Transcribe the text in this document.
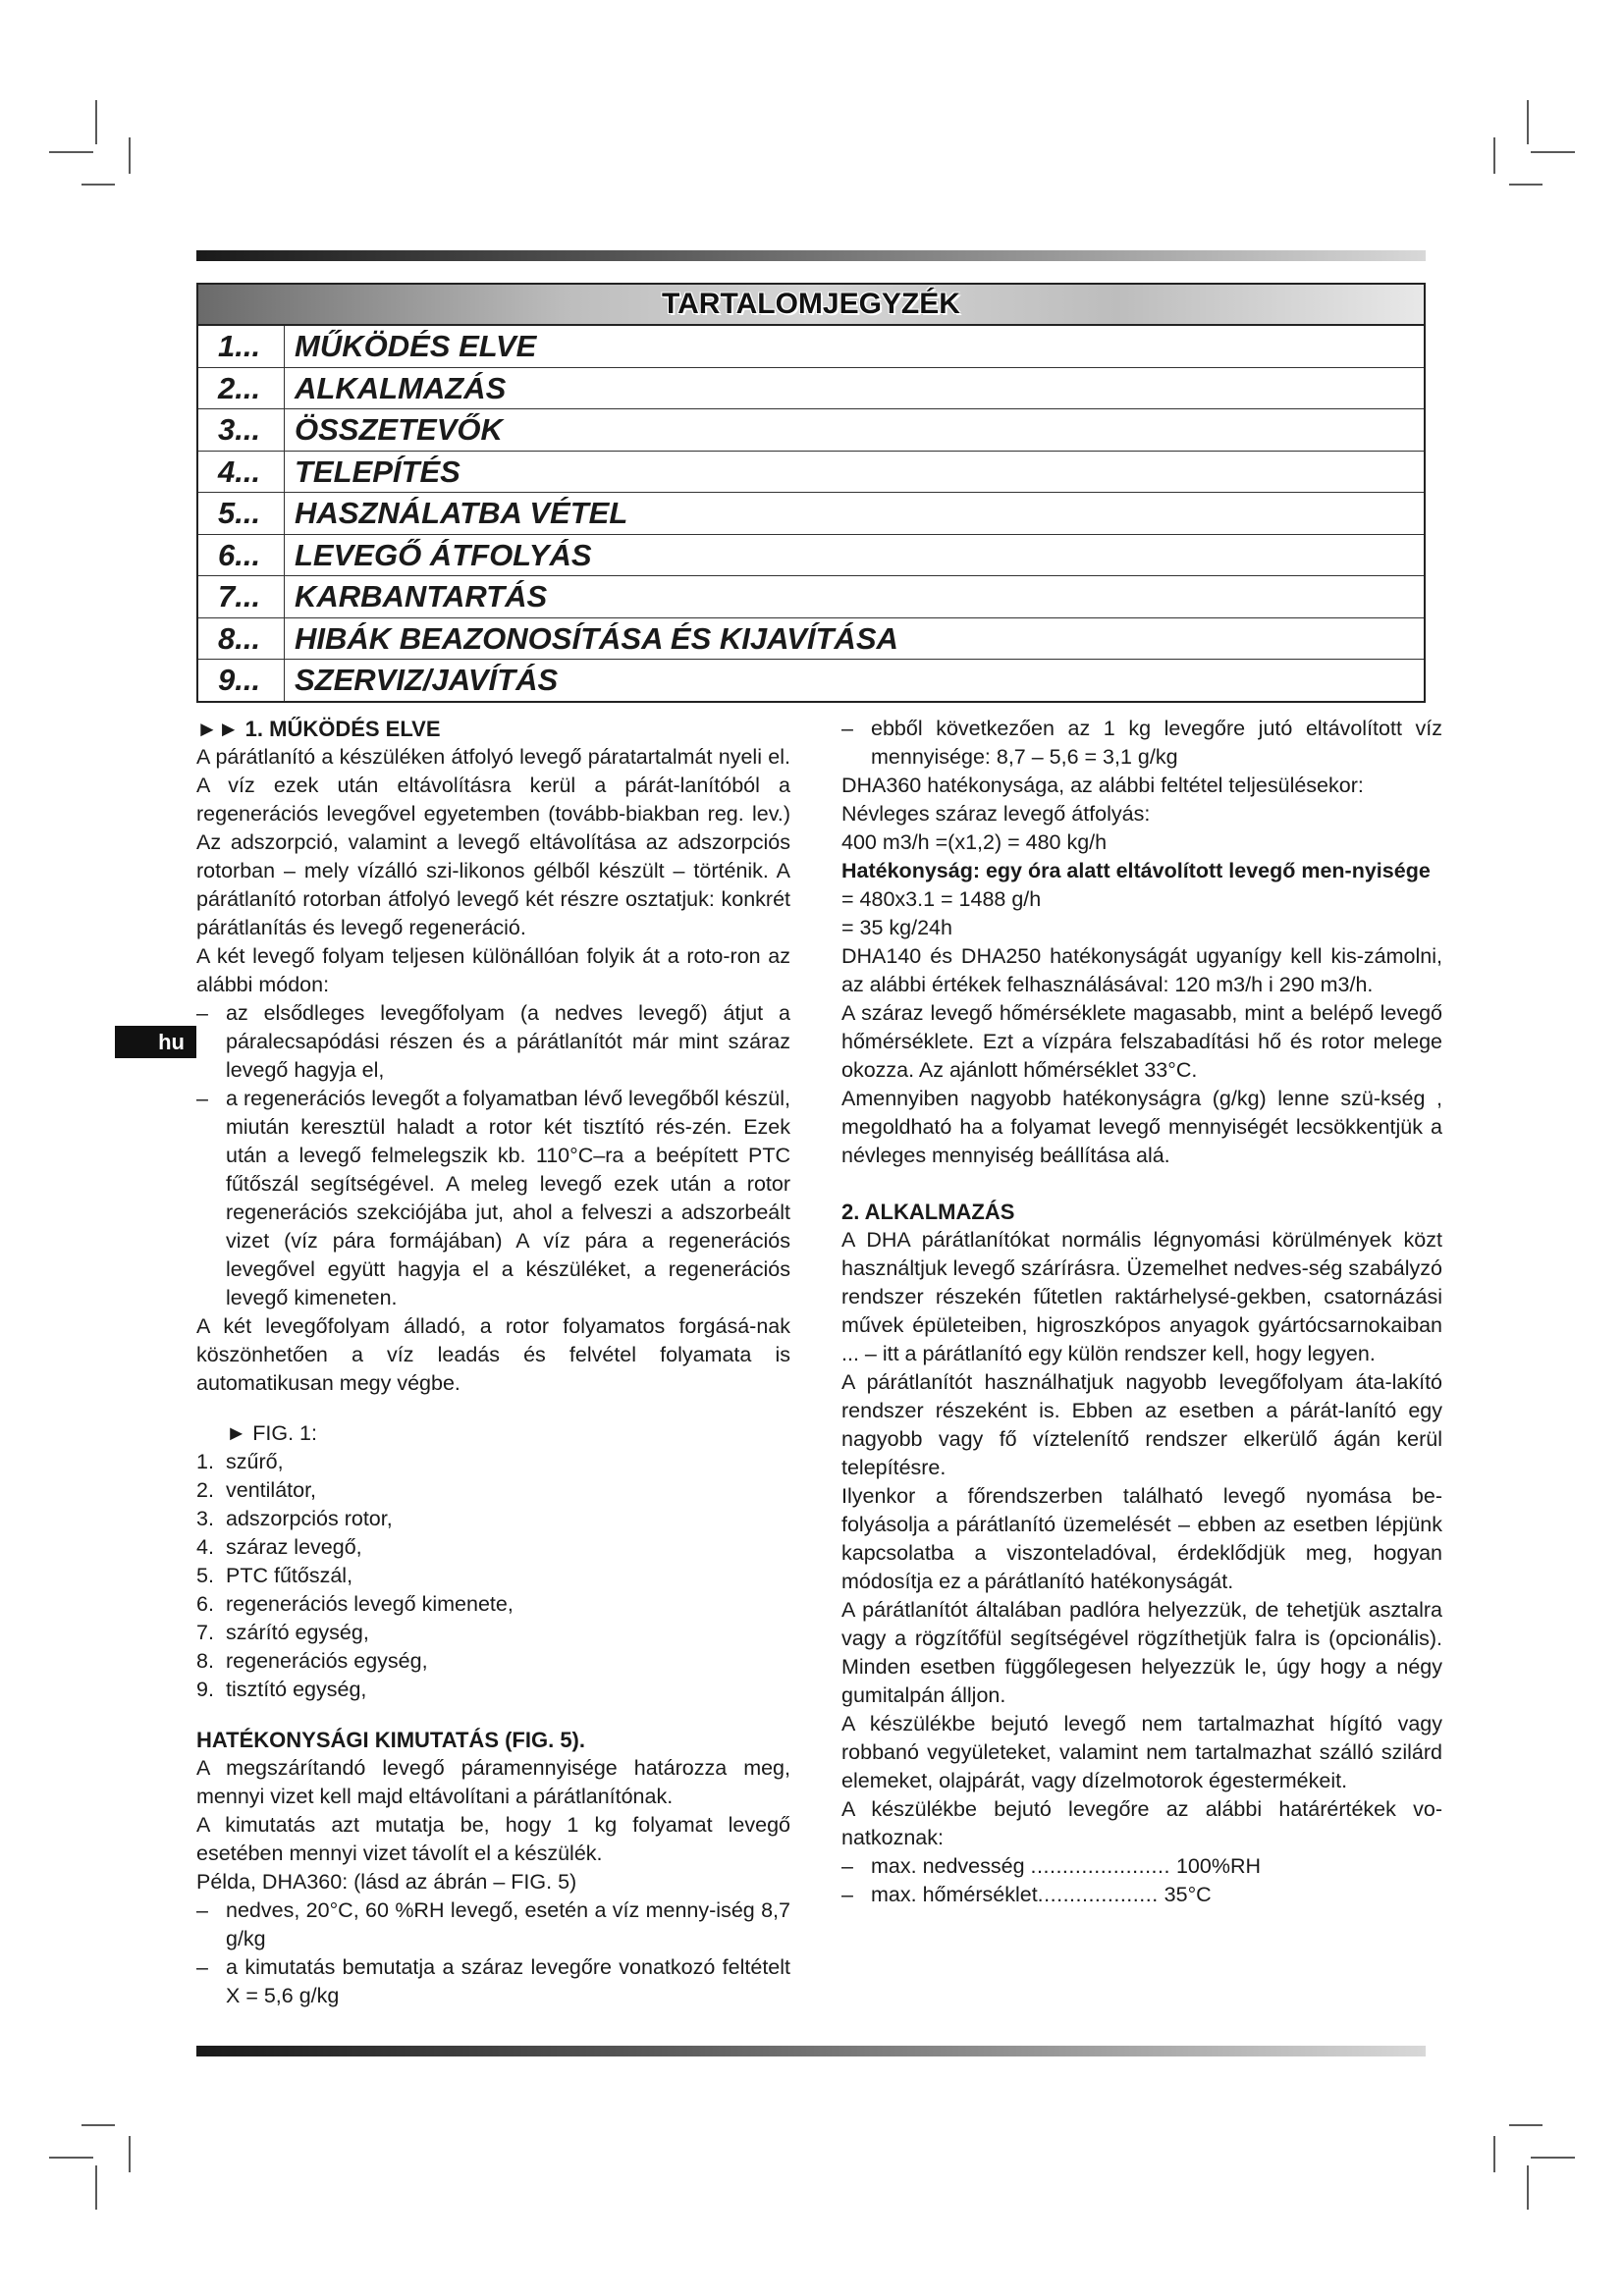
TARTALOMJEGYZÉK
1...	MŰKÖDÉS ELVE
2...	ALKALMAZÁS
3...	ÖSSZETEVŐK
4...	TELEPÍTÉS
5...	HASZNÁLATBA VÉTEL
6...	LEVEGŐ ÁTFOLYÁS
7...	KARBANTARTÁS
8...	HIBÁK BEAZONOSÍTÁSA ÉS KIJAVÍTÁSA
9...	SZERVIZ/JAVÍTÁS
hu

►► 1. MŰKÖDÉS ELVE

A párátlanító a készüléken átfolyó levegő páratartalmát nyeli el. A víz ezek után eltávolításra kerül a párát-lanítóból a regenerációs levegővel egyetemben (tovább-biakban reg. lev.) Az adszorpció, valamint a levegő eltávolítása az adszorpciós rotorban – mely vízálló szi-likonos gélből készült – történik. A párátlanító rotorban átfolyó levegő két részre osztatjuk: konkrét párátlanítás és levegő regeneráció.

A két levegő folyam teljesen különállóan folyik át a roto-ron az alábbi módon:

– az elsődleges levegőfolyam (a nedves levegő) átjut a páralecsapódási részen és a párátlanítót már mint száraz levegő hagyja el,
– a regenerációs levegőt a folyamatban lévő levegőből készül, miután keresztül haladt a rotor két tisztító rés-zén. Ezek után a levegő felmelegszik kb. 110°C–ra a beépített PTC fűtőszál segítségével. A meleg levegő ezek után a rotor regenerációs szekciójába jut, ahol a felveszi a adszorbeált vizet (víz pára formájában) A víz pára a regenerációs levegővel együtt hagyja el a készüléket, a regenerációs levegő kimeneten.

A két levegőfolyam álladó, a rotor folyamatos forgásá-nak köszönhetően a víz leadás és felvétel folyamata is automatikusan megy végbe.

► FIG. 1:

1. szűrő,
2. ventilátor,
3. adszorpciós rotor,
4. száraz levegő,
5. PTC fűtőszál,
6. regenerációs levegő kimenete,
7. szárító egység,
8. regenerációs egység,
9. tisztító egység,

HATÉKONYSÁGI KIMUTATÁS (FIG. 5).

A megszárítandó levegő páramennyisége határozza meg, mennyi vizet kell majd eltávolítani a párátlanítónak.

A kimutatás azt mutatja be, hogy 1 kg folyamat levegő esetében mennyi vizet távolít el a készülék.

Példa, DHA360: (lásd az ábrán – FIG. 5)

– nedves, 20°C, 60 %RH levegő, esetén a víz menny-iség 8,7 g/kg
– a kimutatás bemutatja a száraz levegőre vonatkozó feltételt X = 5,6 g/kg
– ebből következően az 1 kg levegőre jutó eltávolított víz mennyisége: 8,7 – 5,6 = 3,1 g/kg

DHA360 hatékonysága, az alábbi feltétel teljesülésekor:

Névleges száraz levegő átfolyás:

400 m3/h =(x1,2) = 480 kg/h

Hatékonyság: egy óra alatt eltávolított levegő men-nyisége

= 480x3.1 = 1488 g/h

= 35 kg/24h

DHA140 és DHA250 hatékonyságát ugyanígy kell kis-zámolni, az alábbi értékek felhasználásával: 120 m3/h i 290 m3/h.

A száraz levegő hőmérséklete magasabb, mint a belépő levegő hőmérséklete. Ezt a vízpára felszabadítási hő és rotor melege okozza. Az ajánlott hőmérséklet 33°C.

Amennyiben nagyobb hatékonyságra (g/kg) lenne szü-kség , megoldható ha a folyamat levegő mennyiségét lecsökkentjük a névleges mennyiség beállítása alá.

2. ALKALMAZÁS

A DHA párátlanítókat normális légnyomási körülmények közt használtjuk levegő szárírásra. Üzemelhet nedves-ség szabályzó rendszer részekén fűtetlen raktárhelysé-gekben, csatornázási művek épületeiben, higroszkópos anyagok gyártócsarnokaiban ... – itt a párátlanító egy külön rendszer kell, hogy legyen.

A párátlanítót használhatjuk nagyobb levegőfolyam áta-lakító rendszer részeként is. Ebben az esetben a párát-lanító egy nagyobb vagy fő víztelenítő rendszer elkerülő ágán kerül telepítésre.

Ilyenkor a főrendszerben található levegő nyomása be-folyásolja a párátlanító üzemelését – ebben az esetben lépjünk kapcsolatba a viszonteladóval, érdeklődjük meg, hogyan módosítja ez a párátlanító hatékonyságát.

A párátlanítót általában padlóra helyezzük, de tehetjük asztalra vagy a rögzítőfül segítségével rögzíthetjük falra is (opcionális). Minden esetben függőlegesen helyezzük le, úgy hogy a négy gumitalpán álljon.

A készülékbe bejutó levegő nem tartalmazhat hígító vagy robbanó vegyületeket, valamint nem tartalmazhat szálló szilárd elemeket, olajpárát, vagy dízelmotorok égestermékeit.

A készülékbe bejutó levegőre az alábbi határértékek vo-natkoznak:

– max. nedvesség ...................... 100%RH
– max. hőmérséklet................... 35°C
